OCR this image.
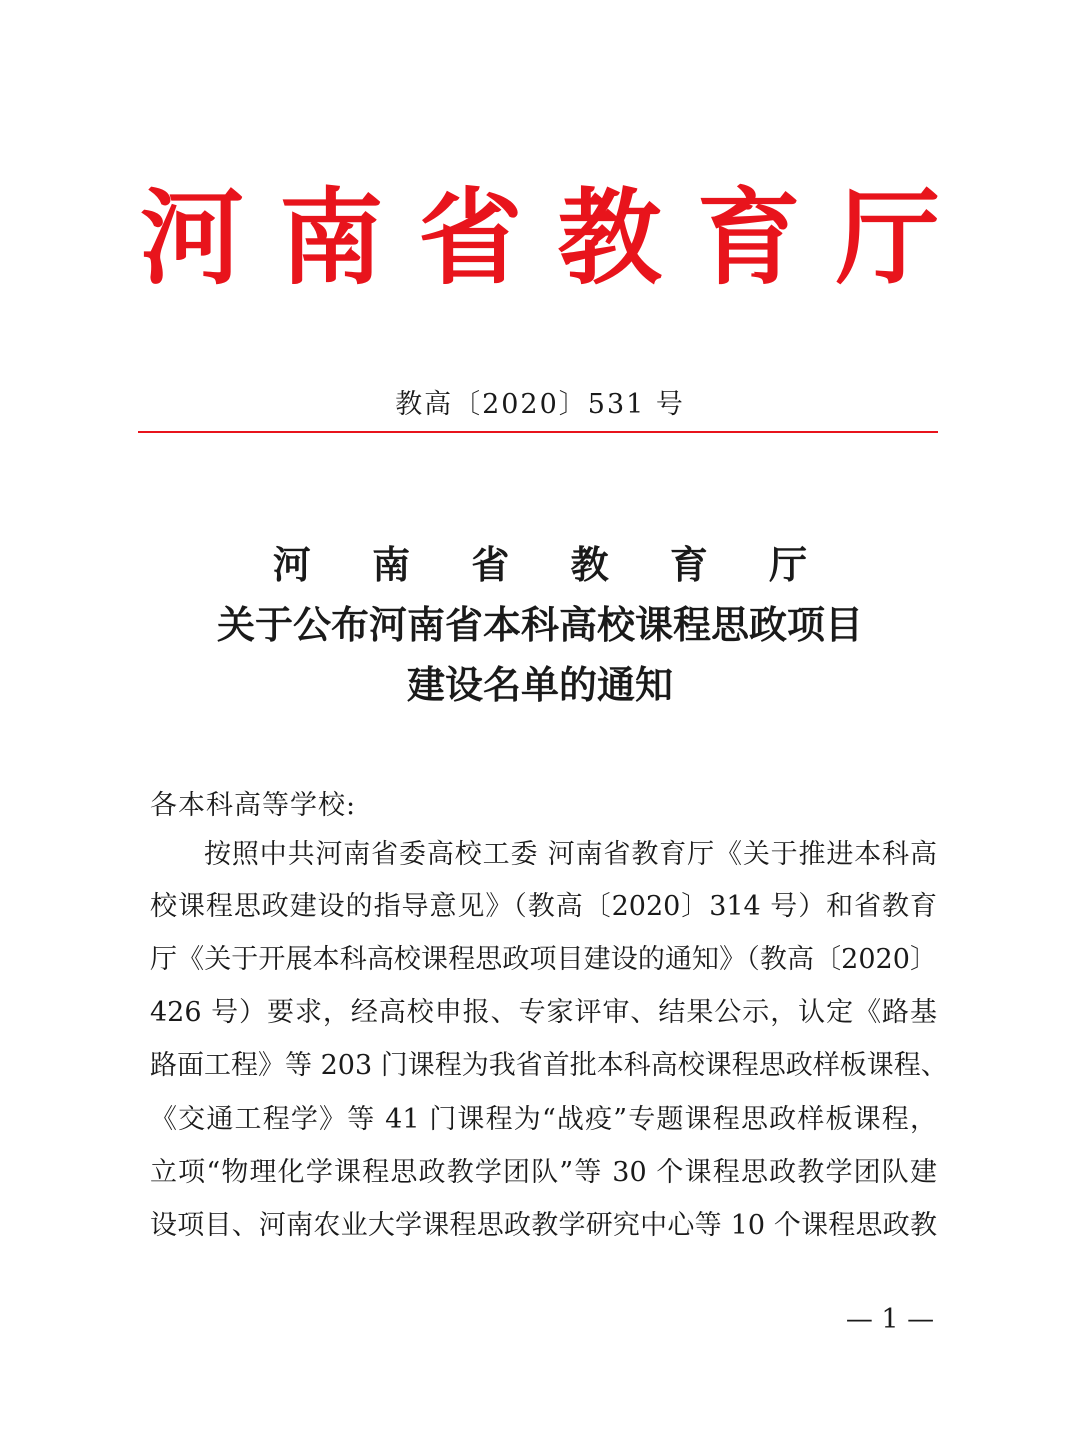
河 南 省 教 育 厅
教高〔2020〕531 号
河 南 省 教 育 厅
关于公布河南省本科高校课程思政项目
建设名单的通知
各本科高等学校:
按照中共河南省委高校工委 河南省教育厅《关于推进本科高
校课程思政建设的指导意见》（教高〔2020〕314 号）和省教育
厅《关于开展本科高校课程思政项目建设的通知》（教高〔2020〕
426 号）要求，经高校申报、专家评审、结果公示，认定《路基
路面工程》等 203 门课程为我省首批本科高校课程思政样板课程、
《交通工程学》等 41 门课程为“战疫”专题课程思政样板课程，
立项“物理化学课程思政教学团队”等 30 个课程思政教学团队建
设项目、河南农业大学课程思政教学研究中心等 10 个课程思政教
— 1 —
